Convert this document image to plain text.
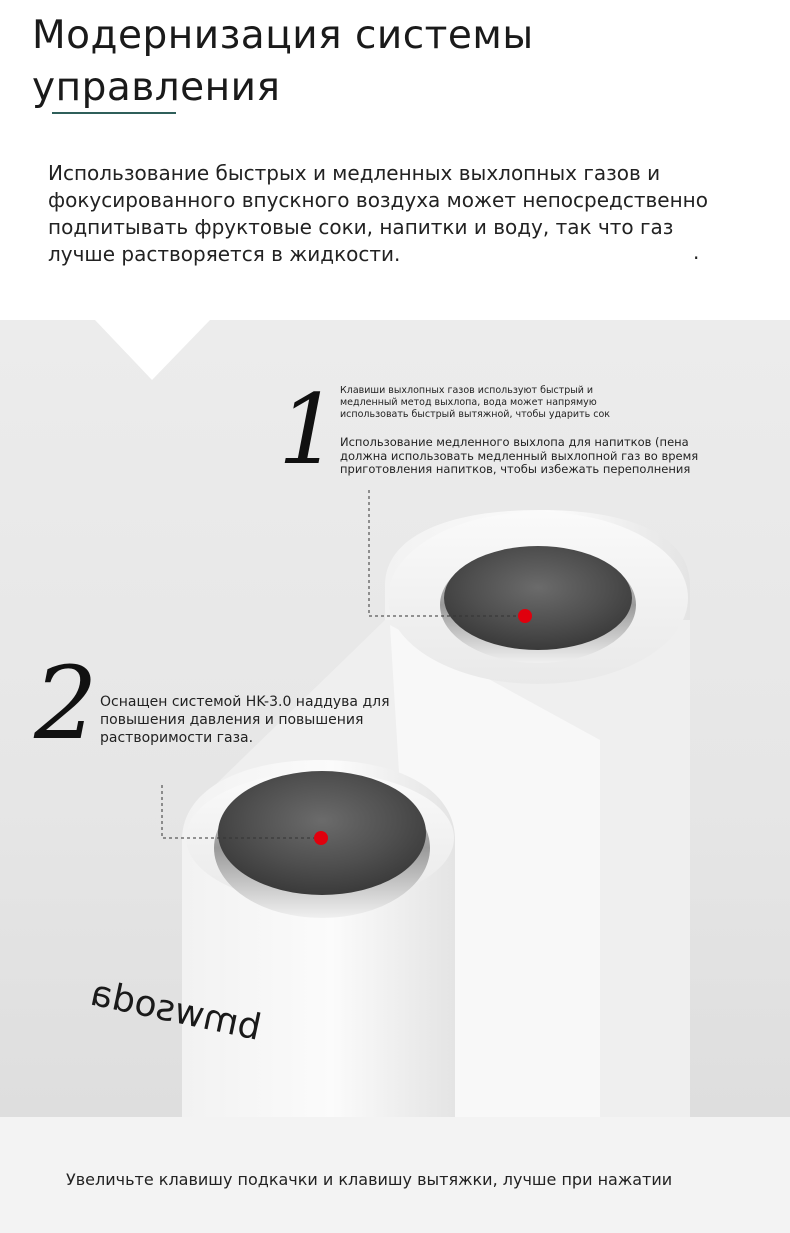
Модернизация системы
управления

Использование быстрых и медленных выхлопных газов и фокусированного впускного воздуха может непосредственно подпитывать фруктовые соки, напитки и воду, так что газ лучше растворяется в жидкости.	.
bmwsoda
1 Клавиши выхлопных газов используют быстрый и медленный метод выхлопа, вода может напрямую использовать быстрый вытяжной, чтобы ударить сок

Использование медленного выхлопа для напитков (пена должна использовать медленный выхлопной газ во время приготовления напитков, чтобы избежать переполнения

2 Оснащен системой HK-3.0 наддува для повышения давления и повышения растворимости газа.

Увеличьте клавишу подкачки и клавишу вытяжки, лучше при нажатии
